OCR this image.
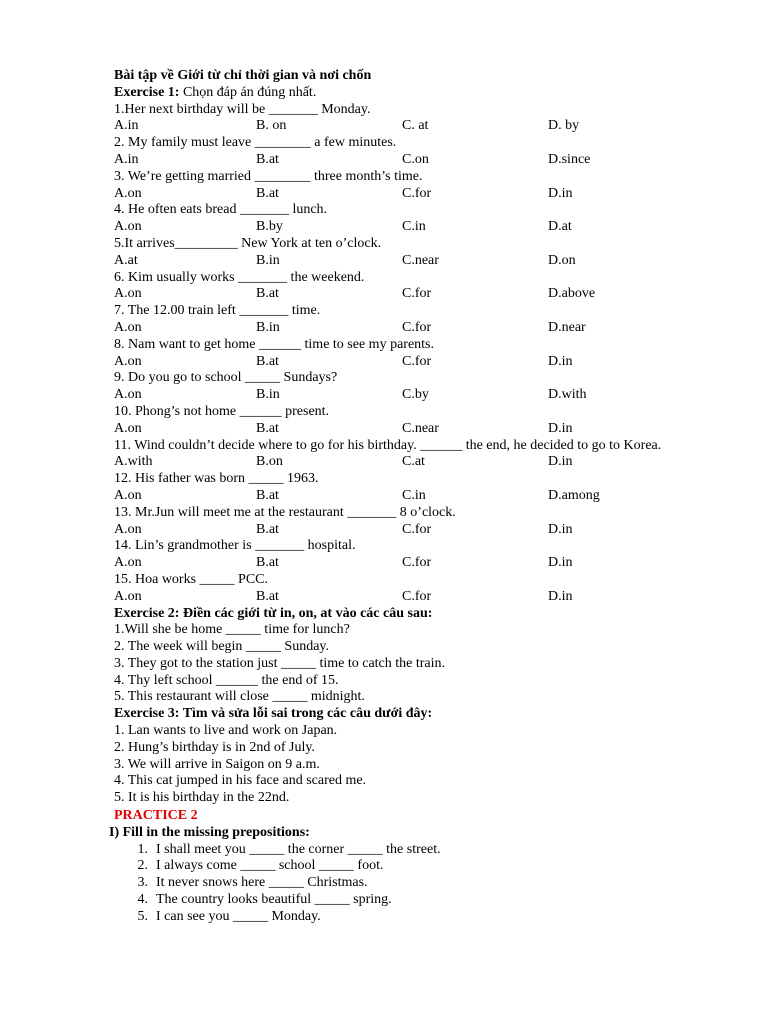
Bài tập về Giới từ chỉ thời gian và nơi chốn
Exercise 1: Chọn đáp án đúng nhất.
1.Her next birthday will be _______ Monday.
A.in	B. on	C. at	D. by
2. My family must leave ________ a few minutes.
A.in	B.at	C.on	D.since
3. We’re getting married ________ three month’s time.
A.on	B.at	C.for	D.in
4. He often eats bread _______ lunch.
A.on	B.by	C.in	D.at
5.It arrives_________ New York at ten o’clock.
A.at	B.in	C.near	D.on
6. Kim usually works _______ the weekend.
A.on	B.at	C.for	D.above
7. The 12.00 train left _______ time.
A.on	B.in	C.for	D.near
8. Nam want to get home ______ time to see my parents.
A.on	B.at	C.for	D.in
9. Do you go to school _____ Sundays?
A.on	B.in	C.by	D.with
10. Phong’s not home ______ present.
A.on	B.at	C.near	D.in
11. Wind couldn’t decide where to go for his birthday. ______ the end, he decided to go to Korea.
A.with	B.on	C.at	D.in
12. His father was born _____ 1963.
A.on	B.at	C.in	D.among
13. Mr.Jun will meet me at the restaurant _______ 8 o’clock.
A.on	B.at	C.for	D.in
14. Lin’s grandmother is _______ hospital.
A.on	B.at	C.for	D.in
15. Hoa works _____ PCC.
A.on	B.at	C.for	D.in
Exercise 2: Điền các giới từ in, on, at vào các câu sau:
1.Will she be home _____ time for lunch?
2. The week will begin _____ Sunday.
3. They got to the station just _____ time to catch the train.
4. Thy left school ______ the end of 15.
5. This restaurant will close _____ midnight.
Exercise 3: Tìm và sửa lỗi sai trong các câu dưới đây:
1. Lan wants to live and work on Japan.
2. Hung’s birthday is in 2nd of July.
3. We will arrive in Saigon on 9 a.m.
4. This cat jumped in his face and scared me.
5. It is his birthday in the 22nd.
PRACTICE 2
I) Fill in the missing prepositions:
1. I shall meet you _____ the corner _____ the street.
2. I always come _____ school _____ foot.
3. It never snows here _____ Christmas.
4. The country looks beautiful _____ spring.
5. I can see you _____ Monday.
